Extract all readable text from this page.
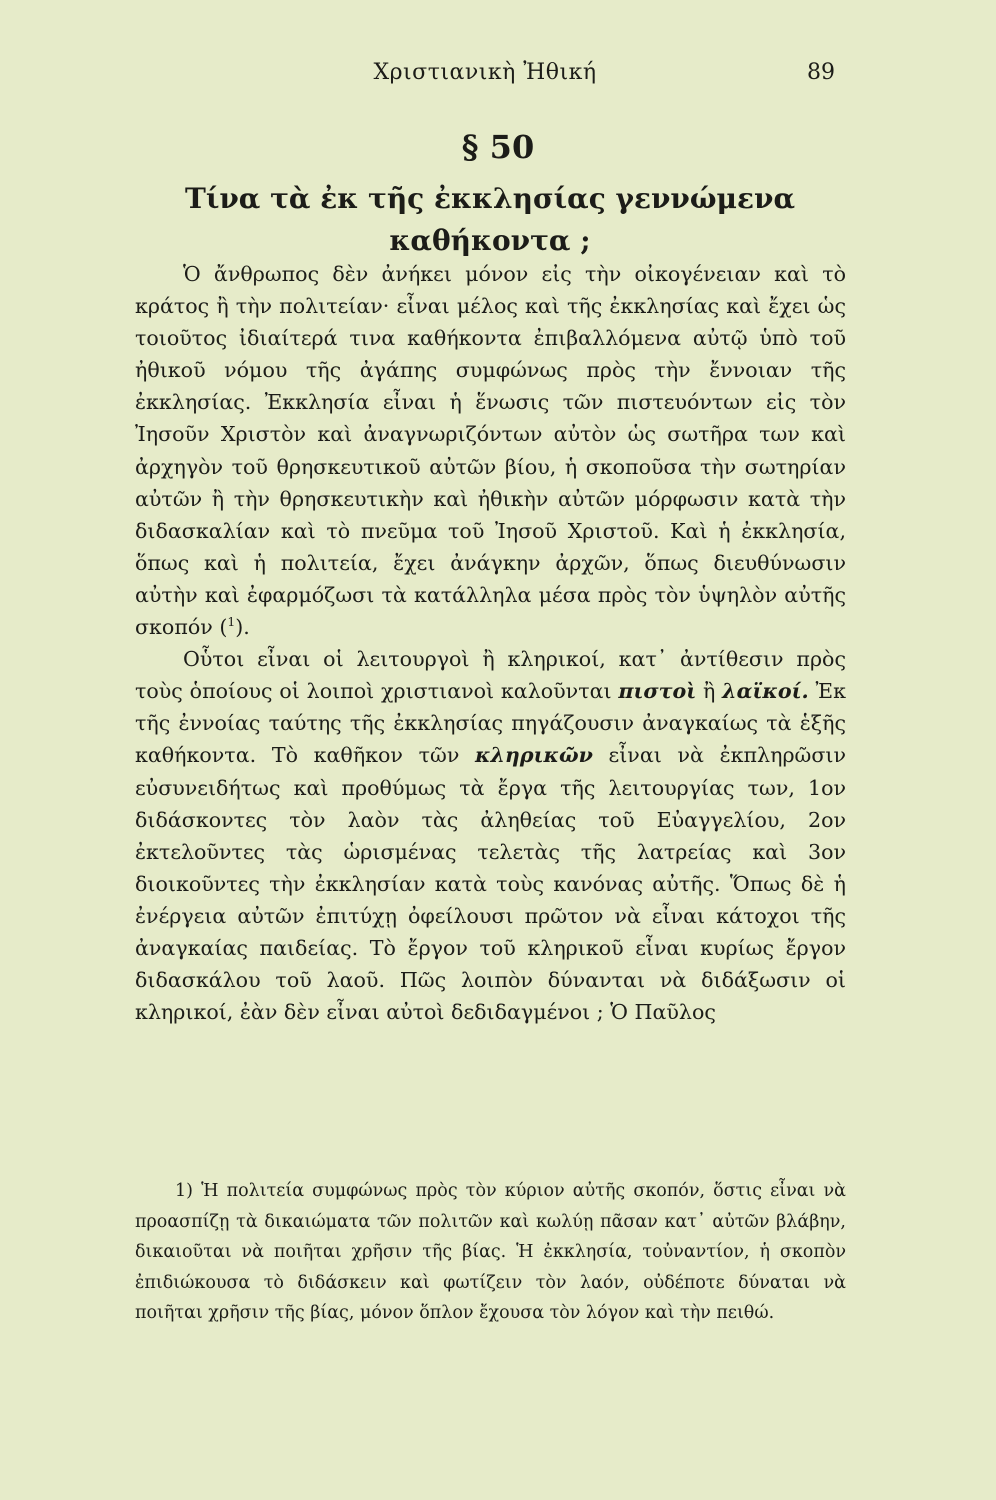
Χριστιανικὴ Ἠθική	89
§ 50
Τίνα τὰ ἐκ τῆς ἐκκλησίας γεννώμενα καθήκοντα ;

Ὁ ἄνθρωπος δὲν ἀνήκει μόνον εἰς τὴν οἰκογένειαν καὶ τὸ κράτος ἢ τὴν πολιτείαν· εἶναι μέλος καὶ τῆς ἐκκλησίας καὶ ἔχει ὡς τοιοῦτος ἰδιαίτερά τινα καθήκοντα ἐπιβαλλόμενα αὐτῷ ὑπὸ τοῦ ἠθικοῦ νόμου τῆς ἀγάπης συμφώνως πρὸς τὴν ἔννοιαν τῆς ἐκκλησίας. Ἐκκλησία εἶναι ἡ ἕνωσις τῶν πιστευόντων εἰς τὸν Ἰησοῦν Χριστὸν καὶ ἀναγνωριζόντων αὐτὸν ὡς σωτῆρα των καὶ ἀρχηγὸν τοῦ θρησκευτικοῦ αὐτῶν βίου, ἡ σκοποῦσα τὴν σωτηρίαν αὐτῶν ἢ τὴν θρησκευτικὴν καὶ ἠθικὴν αὐτῶν μόρφωσιν κατὰ τὴν διδασκαλίαν καὶ τὸ πνεῦμα τοῦ Ἰησοῦ Χριστοῦ. Καὶ ἡ ἐκκλησία, ὅπως καὶ ἡ πολιτεία, ἔχει ἀνάγκην ἀρχῶν, ὅπως διευθύνωσιν αὐτὴν καὶ ἐφαρμόζωσι τὰ κατάλληλα μέσα πρὸς τὸν ὑψηλὸν αὐτῆς σκοπόν ($^1$).

Οὗτοι εἶναι οἱ λειτουργοὶ ἢ κληρικοί, κατ᾽ ἀντίθεσιν πρὸς τοὺς ὁποίους οἱ λοιποὶ χριστιανοὶ καλοῦνται πιστοὶ ἢ λαϊκοί. Ἐκ τῆς ἐννοίας ταύτης τῆς ἐκκλησίας πηγάζουσιν ἀναγκαίως τὰ ἑξῆς καθήκοντα. Τὸ καθῆκον τῶν κληρικῶν εἶναι νὰ ἐκπληρῶσιν εὐσυνειδήτως καὶ προθύμως τὰ ἔργα τῆς λειτουργίας των, 1ον διδάσκοντες τὸν λαὸν τὰς ἀληθείας τοῦ Εὐαγγελίου, 2ον ἐκτελοῦντες τὰς ὡρισμένας τελετὰς τῆς λατρείας καὶ 3ον διοικοῦντες τὴν ἐκκλησίαν κατὰ τοὺς κανόνας αὐτῆς. Ὅπως δὲ ἡ ἐνέργεια αὐτῶν ἐπιτύχῃ ὀφείλουσι πρῶτον νὰ εἶναι κάτοχοι τῆς ἀναγκαίας παιδείας. Τὸ ἔργον τοῦ κληρικοῦ εἶναι κυρίως ἔργον διδασκάλου τοῦ λαοῦ. Πῶς λοιπὸν δύνανται νὰ διδάξωσιν οἱ κληρικοί, ἐὰν δὲν εἶναι αὐτοὶ δεδιδαγμένοι ; Ὁ Παῦλος

1) Ἡ πολιτεία συμφώνως πρὸς τὸν κύριον αὐτῆς σκοπόν, ὅστις εἶναι νὰ προασπίζῃ τὰ δικαιώματα τῶν πολιτῶν καὶ κωλύῃ πᾶσαν κατ᾽ αὐτῶν βλάβην, δικαιοῦται νὰ ποιῆται χρῆσιν τῆς βίας. Ἡ ἐκκλησία, τοὐναντίον, ἡ σκοπὸν ἐπιδιώκουσα τὸ διδάσκειν καὶ φωτίζειν τὸν λαόν, οὐδέποτε δύναται νὰ ποιῆται χρῆσιν τῆς βίας, μόνον ὅπλον ἔχουσα τὸν λόγον καὶ τὴν πειθώ.
